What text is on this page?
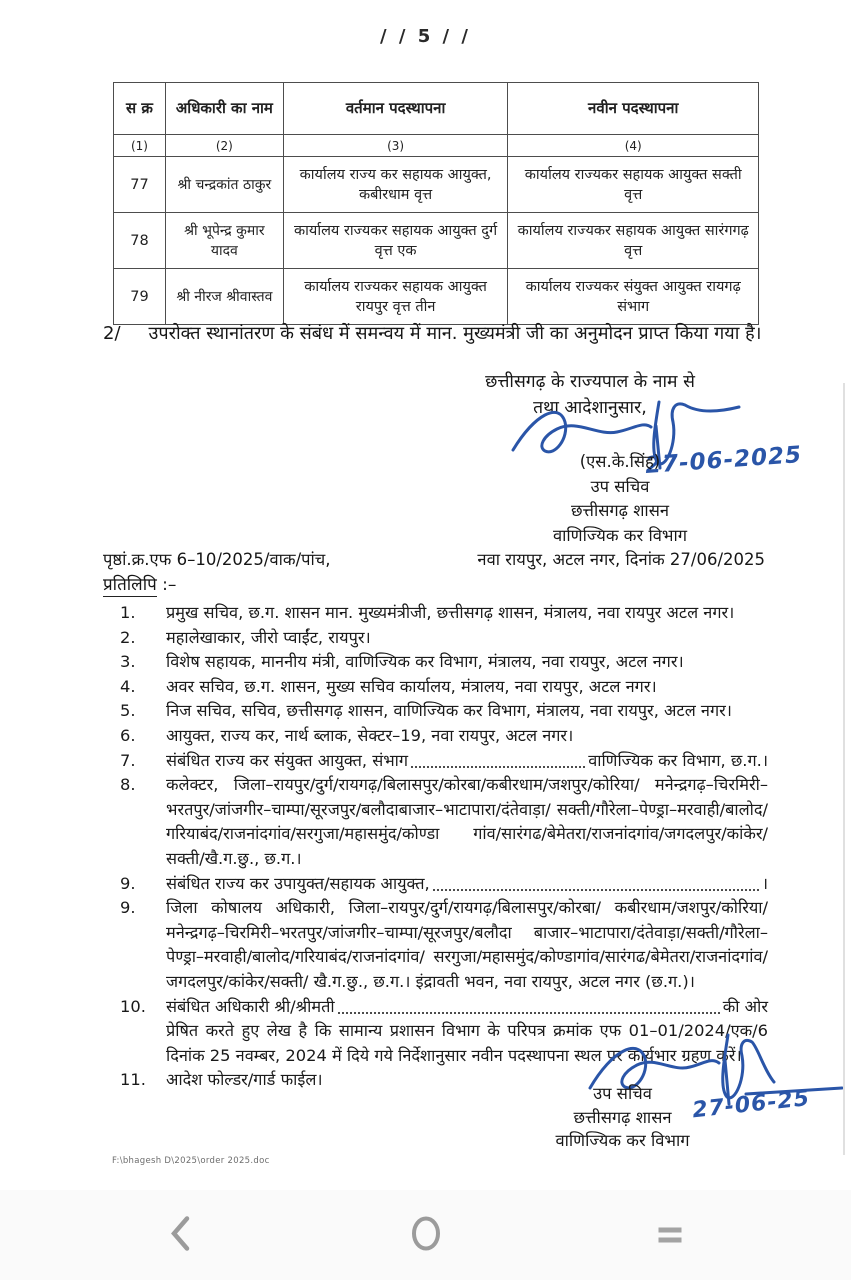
/ / 5 / /
स क्र	अधिकारी का नाम	वर्तमान पदस्थापना	नवीन पदस्थापना
(1)	(2)	(3)	(4)
77	श्री चन्द्रकांत ठाकुर	कार्यालय राज्य कर सहायक आयुक्त, कबीरधाम वृत्त	कार्यालय राज्यकर सहायक आयुक्त सक्ती वृत्त
78	श्री भूपेन्द्र कुमार यादव	कार्यालय राज्यकर सहायक आयुक्त दुर्ग वृत्त एक	कार्यालय राज्यकर सहायक आयुक्त सारंगगढ़ वृत्त
79	श्री नीरज श्रीवास्तव	कार्यालय राज्यकर सहायक आयुक्त रायपुर वृत्त तीन	कार्यालय राज्यकर संयुक्त आयुक्त रायगढ़ संभाग
2/ उपरोक्त स्थानांतरण के संबंध में समन्वय में मान. मुख्यमंत्री जी का अनुमोदन प्राप्त किया गया है।
छत्तीसगढ़ के राज्यपाल के नाम से
तथा आदेशानुसार,
27-06-2025
(एस.के.सिंह)
उप सचिव
छत्तीसगढ़ शासन
वाणिज्यिक कर विभाग
पृष्ठां.क्र.एफ 6–10/2025/वाक/पांच,	नवा रायपुर, अटल नगर, दिनांक 27/06/2025
प्रतिलिपि :–
1.	प्रमुख सचिव, छ.ग. शासन मान. मुख्यमंत्रीजी, छत्तीसगढ़ शासन, मंत्रालय, नवा रायपुर अटल नगर।
2.	महालेखाकार, जीरो प्वाईंट, रायपुर।
3.	विशेष सहायक, माननीय मंत्री, वाणिज्यिक कर विभाग, मंत्रालय, नवा रायपुर, अटल नगर।
4.	अवर सचिव, छ.ग. शासन, मुख्य सचिव कार्यालय, मंत्रालय, नवा रायपुर, अटल नगर।
5.	निज सचिव, सचिव, छत्तीसगढ़ शासन, वाणिज्यिक कर विभाग, मंत्रालय, नवा रायपुर, अटल नगर।
6.	आयुक्त, राज्य कर, नार्थ ब्लाक, सेक्टर–19, नवा रायपुर, अटल नगर।
7.	संबंधित राज्य कर संयुक्त आयुक्त, संभाग	वाणिज्यिक कर विभाग, छ.ग.।
8.	कलेक्टर, जिला–रायपुर/दुर्ग/रायगढ़/बिलासपुर/कोरबा/कबीरधाम/जशपुर/कोरिया/ मनेन्द्रगढ़–चिरमिरी–भरतपुर/जांजगीर–चाम्पा/सूरजपुर/बलौदाबाजार–भाटापारा/दंतेवाड़ा/ सक्ती/गौरेला–पेण्ड्रा–मरवाही/बालोद/गरियाबंद/राजनांदगांव/सरगुजा/महासमुंद/कोण्डा गांव/सारंगढ/बेमेतरा/राजनांदगांव/जगदलपुर/कांकेर/सक्ती/खै.ग.छु., छ.ग.।
9.	संबंधित राज्य कर उपायुक्त/सहायक आयुक्त,	।
9.	जिला कोषालय अधिकारी, जिला–रायपुर/दुर्ग/रायगढ़/बिलासपुर/कोरबा/ कबीरधाम/जशपुर/कोरिया/मनेन्द्रगढ़–चिरमिरी–भरतपुर/जांजगीर–चाम्पा/सूरजपुर/बलौदा बाजार–भाटापारा/दंतेवाड़ा/सक्ती/गौरेला–पेण्ड्रा–मरवाही/बालोद/गरियाबंद/राजनांदगांव/ सरगुजा/महासमुंद/कोण्डागांव/सारंगढ/बेमेतरा/राजनांदगांव/जगदलपुर/कांकेर/सक्ती/ खै.ग.छु., छ.ग.। इंद्रावती भवन, नवा रायपुर, अटल नगर (छ.ग.)।
10.	संबंधित अधिकारी श्री/श्रीमती	की ओर
प्रेषित करते हुए लेख है कि सामान्य प्रशासन विभाग के परिपत्र क्रमांक एफ 01–01/2024/एक/6 दिनांक 25 नवम्बर, 2024 में दिये गये निर्देशानुसार नवीन पदस्थापना स्थल पर कार्यभार ग्रहण करें।
11.	आदेश फोल्डर/गार्ड फाईल।
27-06-25
उप सचिव
छत्तीसगढ़ शासन
वाणिज्यिक कर विभाग
F:\bhagesh D\2025\order 2025.doc
